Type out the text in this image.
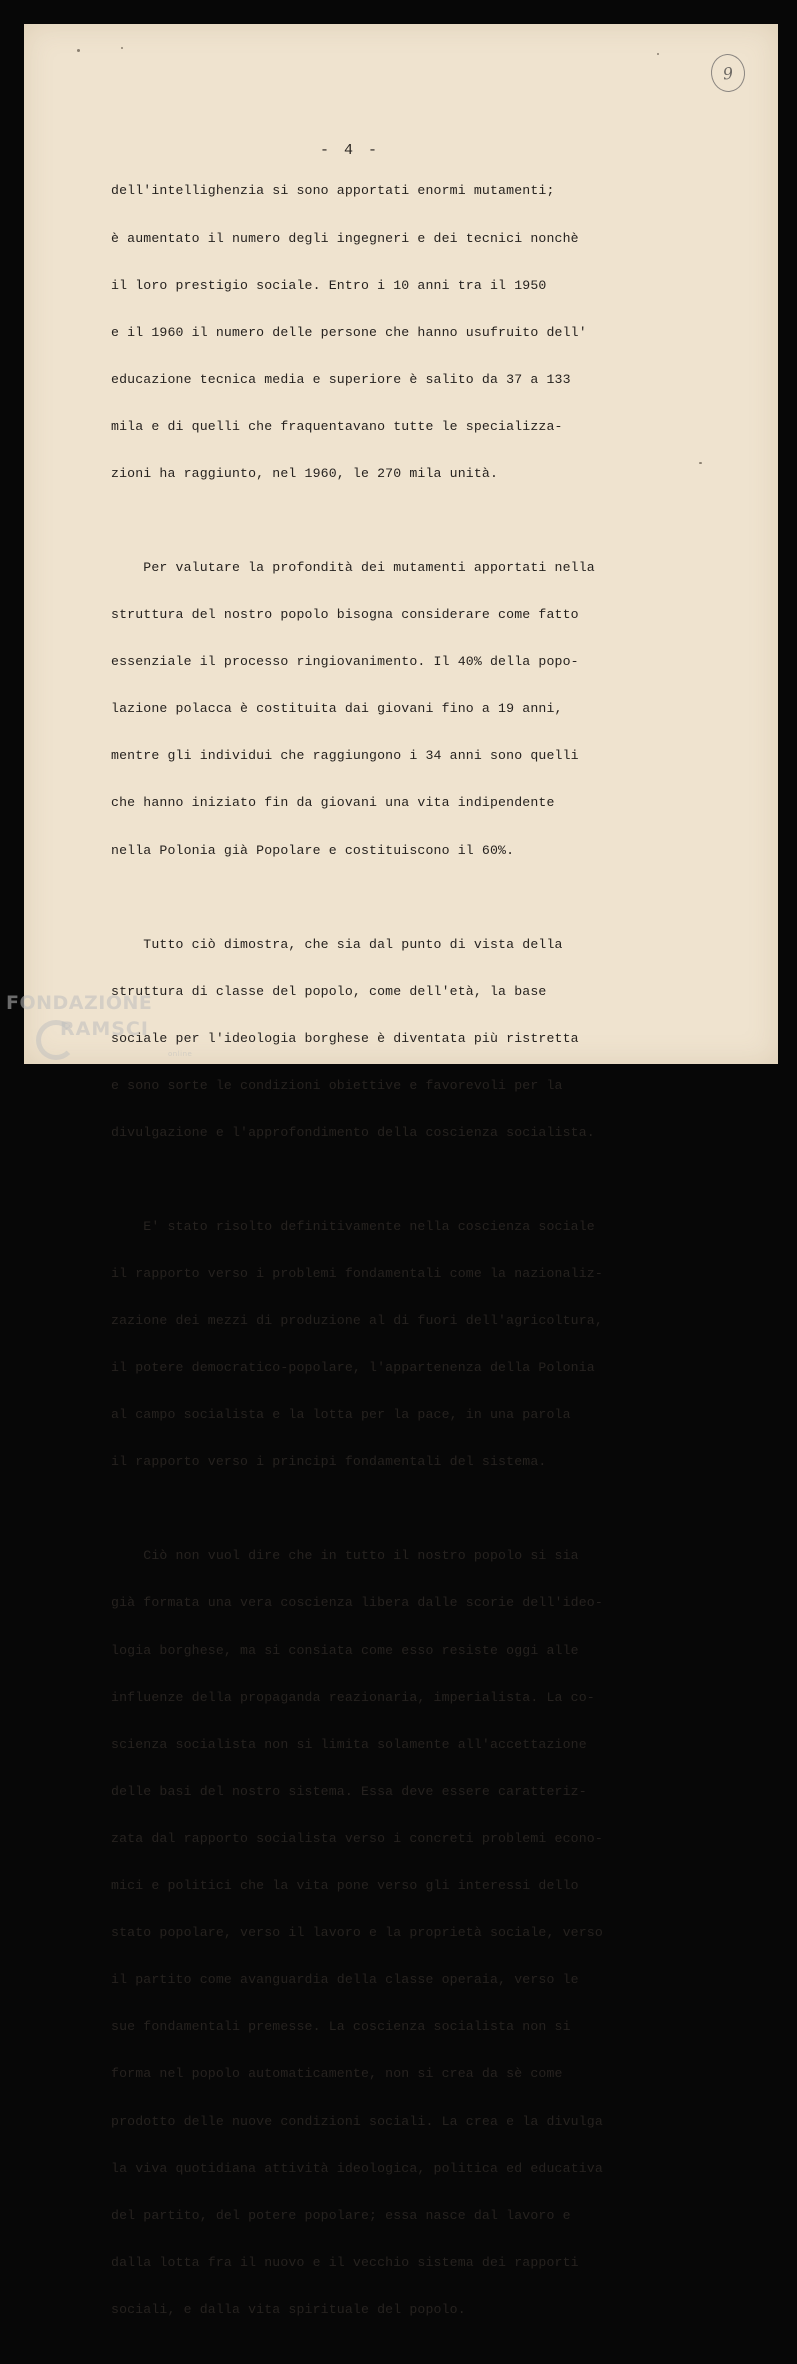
9
- 4 -

dell'intellighenzia si sono apportati enormi mutamenti;

è aumentato il numero degli ingegneri e dei tecnici nonchè

il loro prestigio sociale. Entro i 10 anni tra il 1950

e il 1960 il numero delle persone che hanno usufruito dell'

educazione tecnica media e superiore è salito da 37 a 133

mila e di quelli che fraquentavano tutte le specializza-

zioni ha raggiunto, nel 1960, le 270 mila unità.

Per valutare la profondità dei mutamenti apportati nella

struttura del nostro popolo bisogna considerare come fatto

essenziale il processo ringiovanimento. Il 40% della popo-

lazione polacca è costituita dai giovani fino a 19 anni,

mentre gli individui che raggiungono i 34 anni sono quelli

che hanno iniziato fin da giovani una vita indipendente

nella Polonia già Popolare e costituiscono il 60%.

Tutto ciò dimostra, che sia dal punto di vista della

struttura di classe del popolo, come dell'età, la base

sociale per l'ideologia borghese è diventata più ristretta

e sono sorte le condizioni obiettive e favorevoli per la

divulgazione e l'approfondimento della coscienza socialista.

E' stato risolto definitivamente nella coscienza sociale

il rapporto verso i problemi fondamentali come la nazionaliz-

zazione dei mezzi di produzione al di fuori dell'agricoltura,

il potere democratico-popolare, l'appartenenza della Polonia

al campo socialista e la lotta per la pace, in una parola

il rapporto verso i principi fondamentali del sistema.

Ciò non vuol dire che in tutto il nostro popolo si sia

già formata una vera coscienza libera dalle scorie dell'ideo-

logia borghese, ma si consiata come esso resiste oggi alle

influenze della propaganda reazionaria, imperialista. La co-

scienza socialista non si limita solamente all'accettazione

delle basi del nostro sistema. Essa deve essere caratteriz-

zata dal rapporto socialista verso i concreti problemi econo-

mici e politici che la vita pone verso gli interessi dello

stato popolare, verso il lavoro e la proprietà sociale, verso

il partito come avanguardia della classe operaia, verso le

sue fondamentali premesse. La coscienza socialista non si

forma nel popolo automaticamente, non si crea da sè come

prodotto delle nuove condizioni sociali. La crea e la divulga

la viva quotidiana attività ideologica, politica ed educativa

del partito, del potere popolare; essa nasce dal lavoro e

dalla lotta fra il nuovo e il vecchio sistema dei rapporti

sociali, e dalla vita spirituale del popolo.

FONDAZIONE
RAMSCI
online
